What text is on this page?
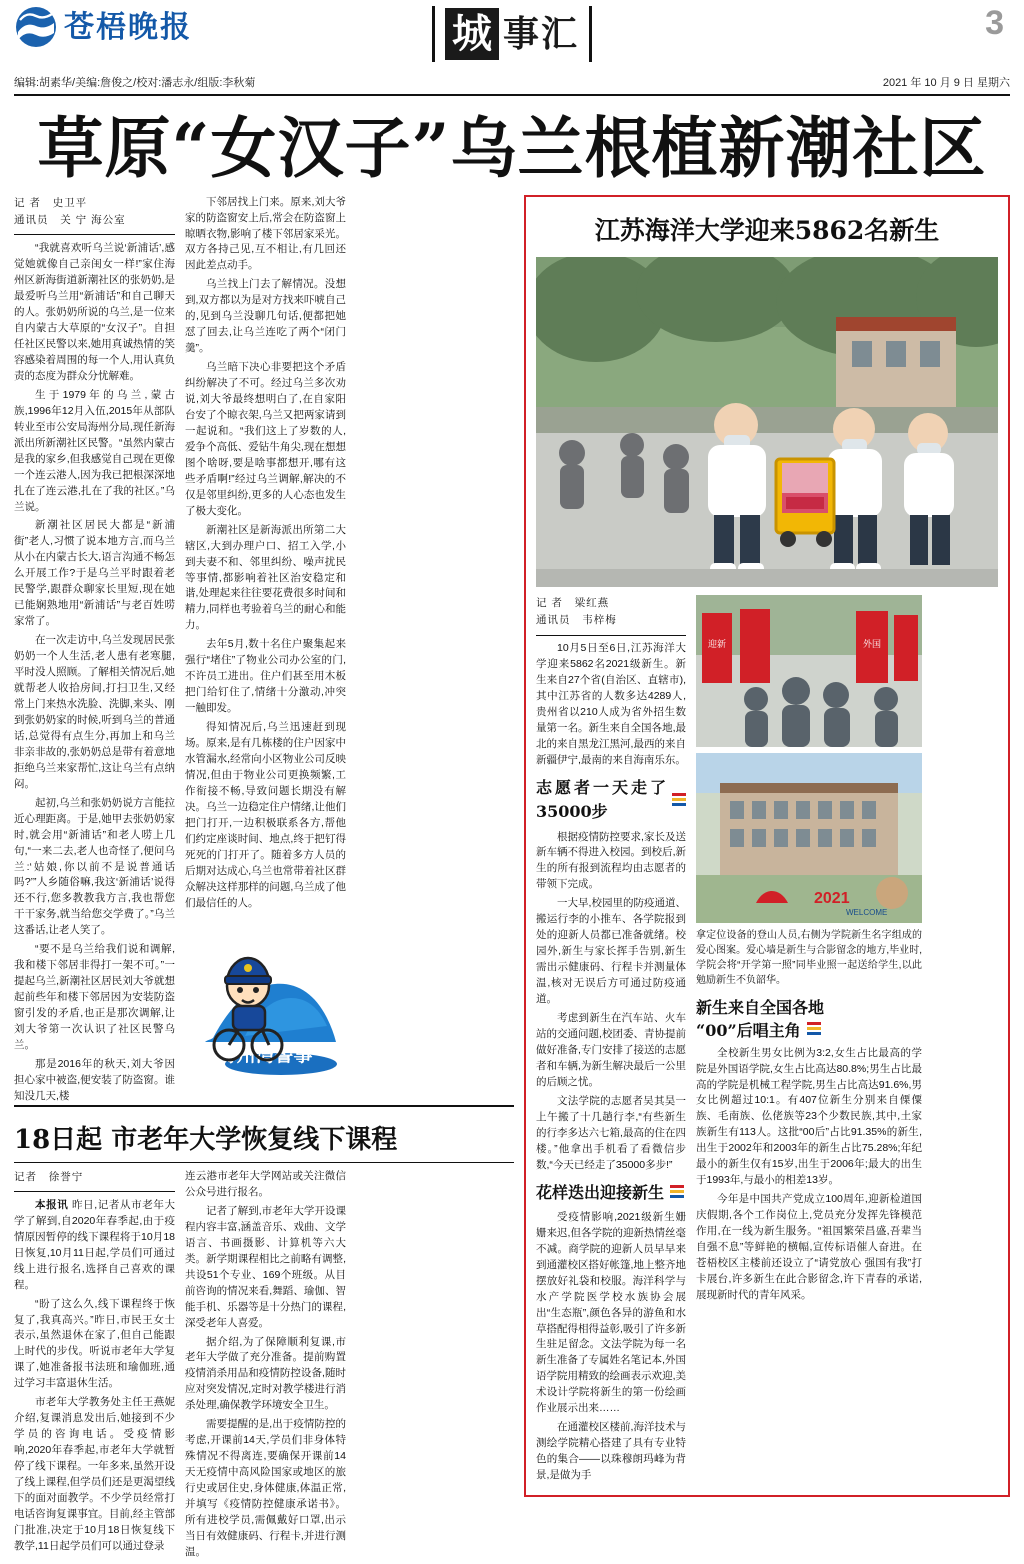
苍梧晚报	城 事汇	3
编辑:胡素华/美编:詹俊之/校对:潘志永/组版:李秋菊	2021 年 10 月 9 日 星期六
草原“女汉子”乌兰根植新潮社区
记 者 史卫平
通讯员 关 宁 海公室

“我就喜欢听乌兰说‘新浦话’,感觉她就像自己亲闺女一样!”家住海州区新海街道新潮社区的张奶奶,是最爱听乌兰用“新浦话”和自己聊天的人。张奶奶所说的乌兰,是一位来自内蒙古大草原的“女汉子”。自担任社区民警以来,她用真诚热情的笑容感染着周围的每一个人,用认真负责的态度为群众分忧解难。

生于1979年的乌兰,蒙古族,1996年12月入伍,2015年从部队转业至市公安局海州分局,现任新海派出所新潮社区民警。“虽然内蒙古是我的家乡,但我感觉自己现在更像一个连云港人,因为我已把根深深地扎在了连云港,扎在了我的社区。”乌兰说。

新潮社区居民大都是“新浦街”老人,习惯了说本地方言,而乌兰从小在内蒙古长大,语言沟通不畅怎么开展工作?于是乌兰平时跟着老民警学,跟群众聊家长里短,现在她已能娴熟地用“新浦话”与老百姓唠家常了。

在一次走访中,乌兰发现居民张奶奶一个人生活,老人患有老寒腿,平时没人照顾。了解相关情况后,她就帮老人收拾房间,打扫卫生,又经常上门来热水洗脸、洗脚,来头、刚到张奶奶家的时候,听到乌兰的普通话,总觉得有点生分,再加上和乌兰非亲非故的,张奶奶总是带有着意地拒绝乌兰来家帮忙,这让乌兰有点纳闷。

起初,乌兰和张奶奶说方言能拉近心理距离。于是,她甲去张奶奶家时,就会用“新浦话”和老人唠上几句,“一来二去,老人也奇怪了,便问乌兰:‘姑娘,你以前不是说普通话吗?’”人乡随俗嘛,我这‘新浦话’说得还不行,您多教教我方言,我也帮您干干家务,就当给您交学费了。”乌兰这番话,让老人笑了。

“要不是乌兰给我们说和调解,我和楼下邻居非得打一架不可。”一提起乌兰,新潮社区居民刘大爷就想起前些年和楼下邻居因为安装防盗窗引发的矛盾,也正是那次调解,让刘大爷第一次认识了社区民警乌兰。

那是2016年的秋天,刘大爷因担心家中被盗,便安装了防盗窗。谁知没几天,楼

下邻居找上门来。原来,刘大爷家的防盗窗安上后,常会在防盗窗上晾晒衣物,影响了楼下邻居家采光。双方各持己见,互不相让,有几回还因此差点动手。

乌兰找上门去了解情况。没想到,双方都以为是对方找来吓唬自己的,见到乌兰没聊几句话,便都把她怼了回去,让乌兰连吃了两个“闭门羹”。

乌兰暗下决心非要把这个矛盾纠纷解决了不可。经过乌兰多次劝说,刘大爷最终想明白了,在自家阳台安了个晾衣架,乌兰又把两家请到一起说和。“我们这上了岁数的人,爱争个高低、爱钻牛角尖,现在想想图个啥呀,要是啥事都想开,哪有这些矛盾啊!”经过乌兰调解,解决的不仅是邻里纠纷,更多的人心态也发生了极大变化。

新潮社区是新海派出所第二大辖区,大到办理户口、招工入学,小到夫妻不和、邻里纠纷、噪声扰民等事情,都影响着社区治安稳定和谐,处理起来往往要花费很多时间和精力,同样也考验着乌兰的耐心和能力。

去年5月,数十名住户聚集起来强行“堵住”了物业公司办公室的门,不许员工进出。住户们甚至用木板把门给钉住了,情绪十分激动,冲突一触即发。

得知情况后,乌兰迅速赶到现场。原来,是有几栋楼的住户因家中水管漏水,经常向小区物业公司反映情况,但由于物业公司更换频繁,工作衔接不畅,导致问题长期没有解决。乌兰一边稳定住户情绪,让他们把门打开,一边积极联系各方,帮他们约定座谈时间、地点,终于把钉得死死的门打开了。随着多方人员的后期对达成心,乌兰也常带着社区群众解决这样那样的问题,乌兰成了他们最信任的人。

海州湾警事

江苏海洋大学迎来5862名新生
记 者 梁红燕
通讯员 韦梓梅

10月5日至6日,江苏海洋大学迎来5862名2021级新生。新生来自27个省(自治区、直辖市),其中江苏省的人数多达4289人,贵州省以210人成为省外招生数量第一名。新生来自全国各地,最北的来自黑龙江黑河,最西的来自新疆伊宁,最南的来自海南乐东。

志愿者一天走了35000步

根据疫情防控要求,家长及送新车辆不得进入校园。到校后,新生的所有报到流程均由志愿者的带领下完成。

一大早,校园里的防疫通道、搬运行李的小推车、各学院报到处的迎新人员都已准备就绪。校园外,新生与家长挥手告别,新生需出示健康码、行程卡并测量体温,核对无误后方可通过防疫通道。

考虑到新生在汽车站、火车站的交通问题,校团委、青协提前做好准备,专门安排了接送的志愿者和车辆,为新生解决最后一公里的后顾之忧。

文法学院的志愿者吴其昊一上午搬了十几趟行李,“有些新生的行李多达六七箱,最高的住在四楼。”他拿出手机看了看微信步数,“今天已经走了35000多步!”

花样迭出迎接新生

受疫情影响,2021级新生姗姗来迟,但各学院的迎新热情丝毫不减。商学院的迎新人员早早来到通灌校区搭好帐篷,地上整齐地摆放好礼袋和校服。海洋科学与水产学院医学校水族协会展出“生态瓶”,颜色各异的游鱼和水草搭配得相得益彰,吸引了许多新生驻足留念。文法学院为每一名新生准备了专属姓名笔记本,外国语学院用精致的绘画表示欢迎,美术设计学院将新生的第一份绘画作业展示出来……

在通灌校区楼前,海洋技术与测绘学院精心搭建了具有专业特色的集合——以珠穆朗玛峰为背景,是做为手

迎新	外国
2021
WELCOME
拿定位设备的登山人员,右侧为学院新生名字组成的爱心图案。爱心墙是新生与合影留念的地方,毕业时,学院会将“开学第一照”同毕业照一起送给学生,以此勉励新生不负韶华。
新生来自全国各地
“00”后唱主角

全校新生男女比例为3:2,女生占比最高的学院是外国语学院,女生占比高达80.8%;男生占比最高的学院是机械工程学院,男生占比高达91.6%,男女比例超过10:1。有407位新生分别来自傈僳族、毛南族、仫佬族等23个少数民族,其中,土家族新生有113人。这批“00后”占比91.35%的新生,出生于2002年和2003年的新生占比75.28%;年纪最小的新生仅有15岁,出生于2006年;最大的出生于1993年,与最小的相差13岁。

今年是中国共产党成立100周年,迎新检道国庆假期,各个工作岗位上,党员充分发挥先锋模范作用,在一线为新生服务。“祖国繁荣昌盛,吾辈当自强不息”等鲜艳的横幅,宣传标语催人奋进。在苍梧校区主楼前还设立了“请党放心 强国有我”打卡展台,许多新生在此合影留念,许下青春的承诺,展现新时代的青年风采。

18日起 市老年大学恢复线下课程
记者 徐誉宁

本报讯 昨日,记者从市老年大学了解到,自2020年春季起,由于疫情原因暂停的线下课程将于10月18日恢复,10月11日起,学员们可通过线上进行报名,选择自己喜欢的课程。

“盼了这么久,线下课程终于恢复了,我真高兴。”昨日,市民王女士表示,虽然退休在家了,但自己能跟上时代的步伐。听说市老年大学复课了,她准备报书法班和瑜伽班,通过学习丰富退休生活。

市老年大学教务处主任王燕妮介绍,复课消息发出后,她接到不少学员的咨询电话。受疫情影响,2020年春季起,市老年大学就暂停了线下课程。一年多来,虽然开设了线上课程,但学员们还是更渴望线下的面对面教学。不少学员经常打电话咨询复课事宜。目前,经主管部门批准,决定于10月18日恢复线下教学,11日起学员们可以通过登录

连云港市老年大学网站或关注微信公众号进行报名。

记者了解到,市老年大学开设课程内容丰富,涵盖音乐、戏曲、文学语言、书画摄影、计算机等六大类。新学期课程相比之前略有调整,共设51个专业、169个班级。从目前咨询的情况来看,舞蹈、瑜伽、智能手机、乐器等是十分热门的课程,深受老年人喜爱。

据介绍,为了保障顺利复课,市老年大学做了充分准备。提前购置疫情消杀用品和疫情防控设备,随时应对突发情况,定时对教学楼进行消杀处理,确保教学环境安全卫生。

需要提醒的是,出于疫情防控的考虑,开课前14天,学员们非身体特殊情况不得离连,要确保开课前14天无疫情中高风险国家或地区的旅行史或居住史,身体健康,体温正常,并填写《疫情防控健康承诺书》。所有进校学员,需佩戴好口罩,出示当日有效健康码、行程卡,并进行测温。
